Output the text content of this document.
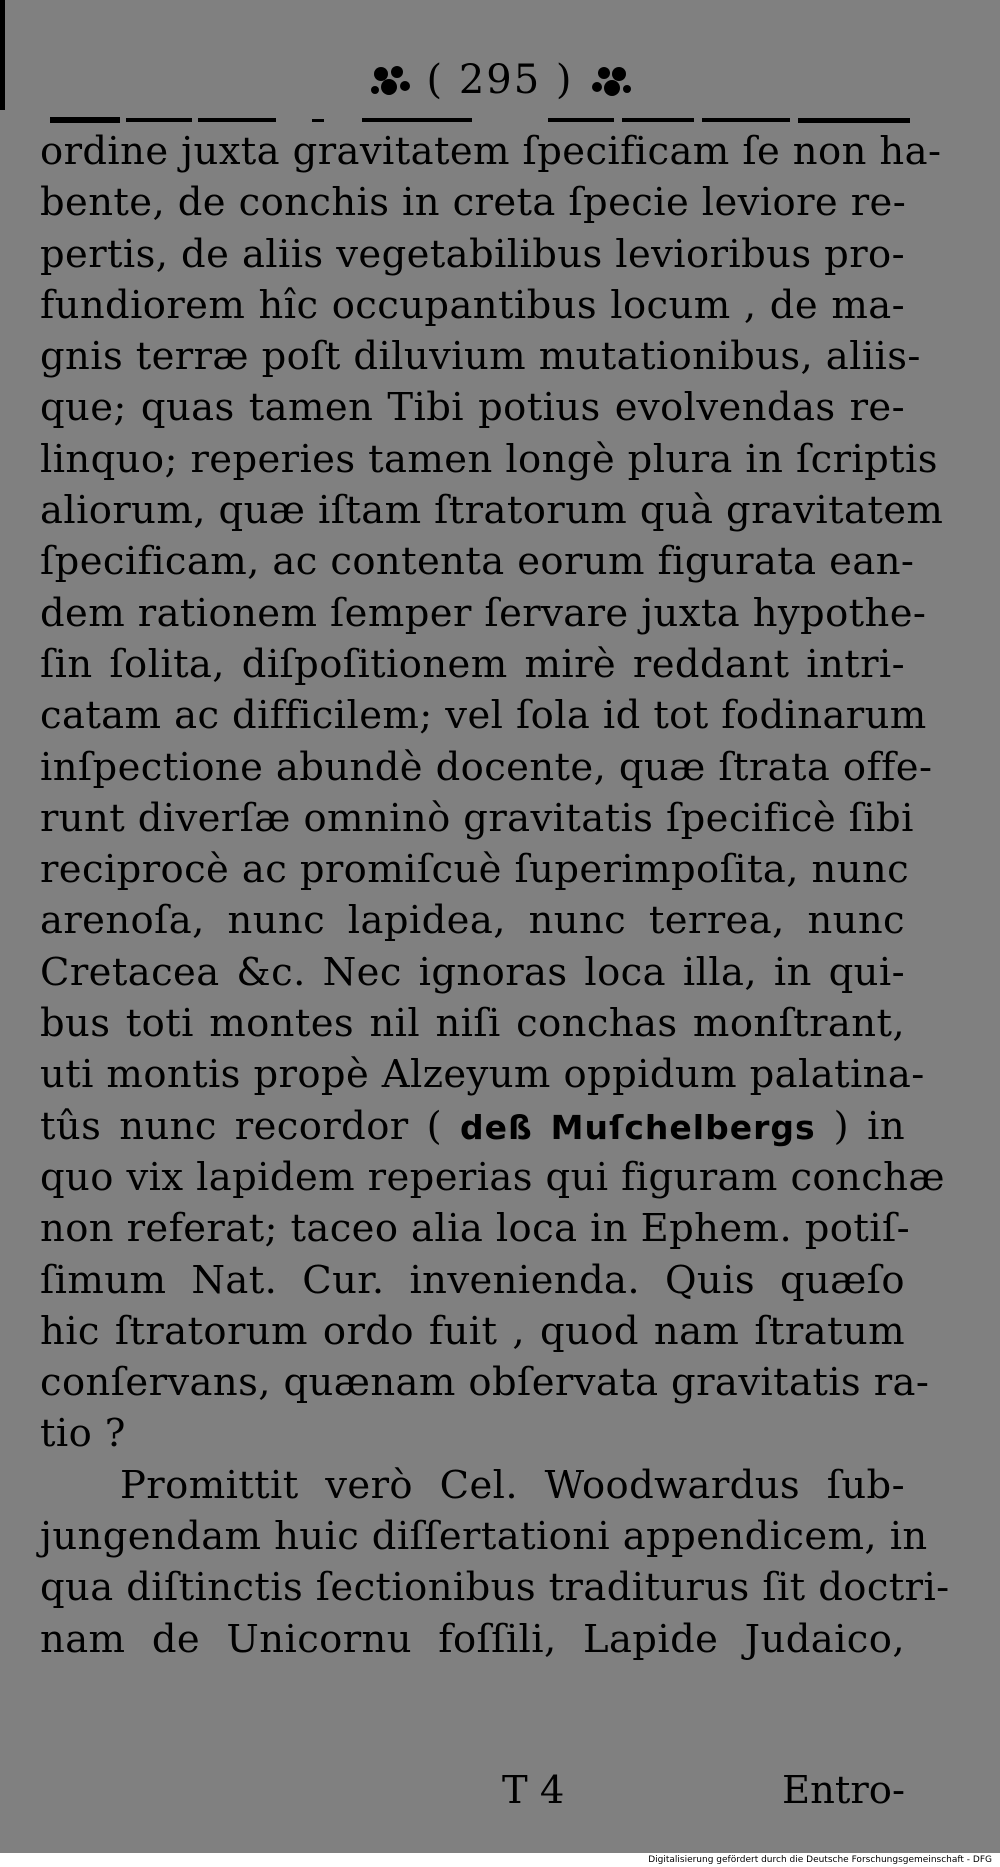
( 295 )
ordine juxta gravitatem ſpecificam ſe non ha-
bente, de conchis in creta ſpecie leviore re-
pertis, de aliis vegetabilibus levioribus pro-
fundiorem hîc occupantibus locum , de ma-
gnis terræ poſt diluvium mutationibus, aliis-
que; quas tamen Tibi potius evolvendas re-
linquo; reperies tamen longè plura in ſcriptis
aliorum, quæ iſtam ſtratorum quà gravitatem
ſpecificam, ac contenta eorum figurata ean-
dem rationem ſemper ſervare juxta hypothe-
ſin ſolita, diſpoſitionem mirè reddant intri-
catam ac difficilem; vel ſola id tot fodinarum
inſpectione abundè docente, quæ ſtrata offe-
runt diverſæ omninò gravitatis ſpecificè ſibi
reciprocè ac promiſcuè ſuperimpoſita, nunc
arenoſa, nunc lapidea, nunc terrea, nunc
Cretacea &c. Nec ignoras loca illa, in qui-
bus toti montes nil niſi conchas monſtrant,
uti montis propè Alzeyum oppidum palatina-
tûs nunc recordor ( deß Muſchelbergs ) in
quo vix lapidem reperias qui figuram conchæ
non referat; taceo alia loca in Ephem. potiſ-
ſimum Nat. Cur. invenienda. Quis quæſo
hic ſtratorum ordo fuit , quod nam ſtratum
conſervans, quænam obſervata gravitatis ra-
tio ?
Promittit verò Cel. Woodwardus ſub-
jungendam huic diſſertationi appendicem, in
qua diſtinctis ſectionibus traditurus ſit doctri-
nam de Unicornu foſſili, Lapide Judaico,
T 4	Entro-
Digitalisierung gefördert durch die Deutsche Forschungsgemeinschaft - DFG
